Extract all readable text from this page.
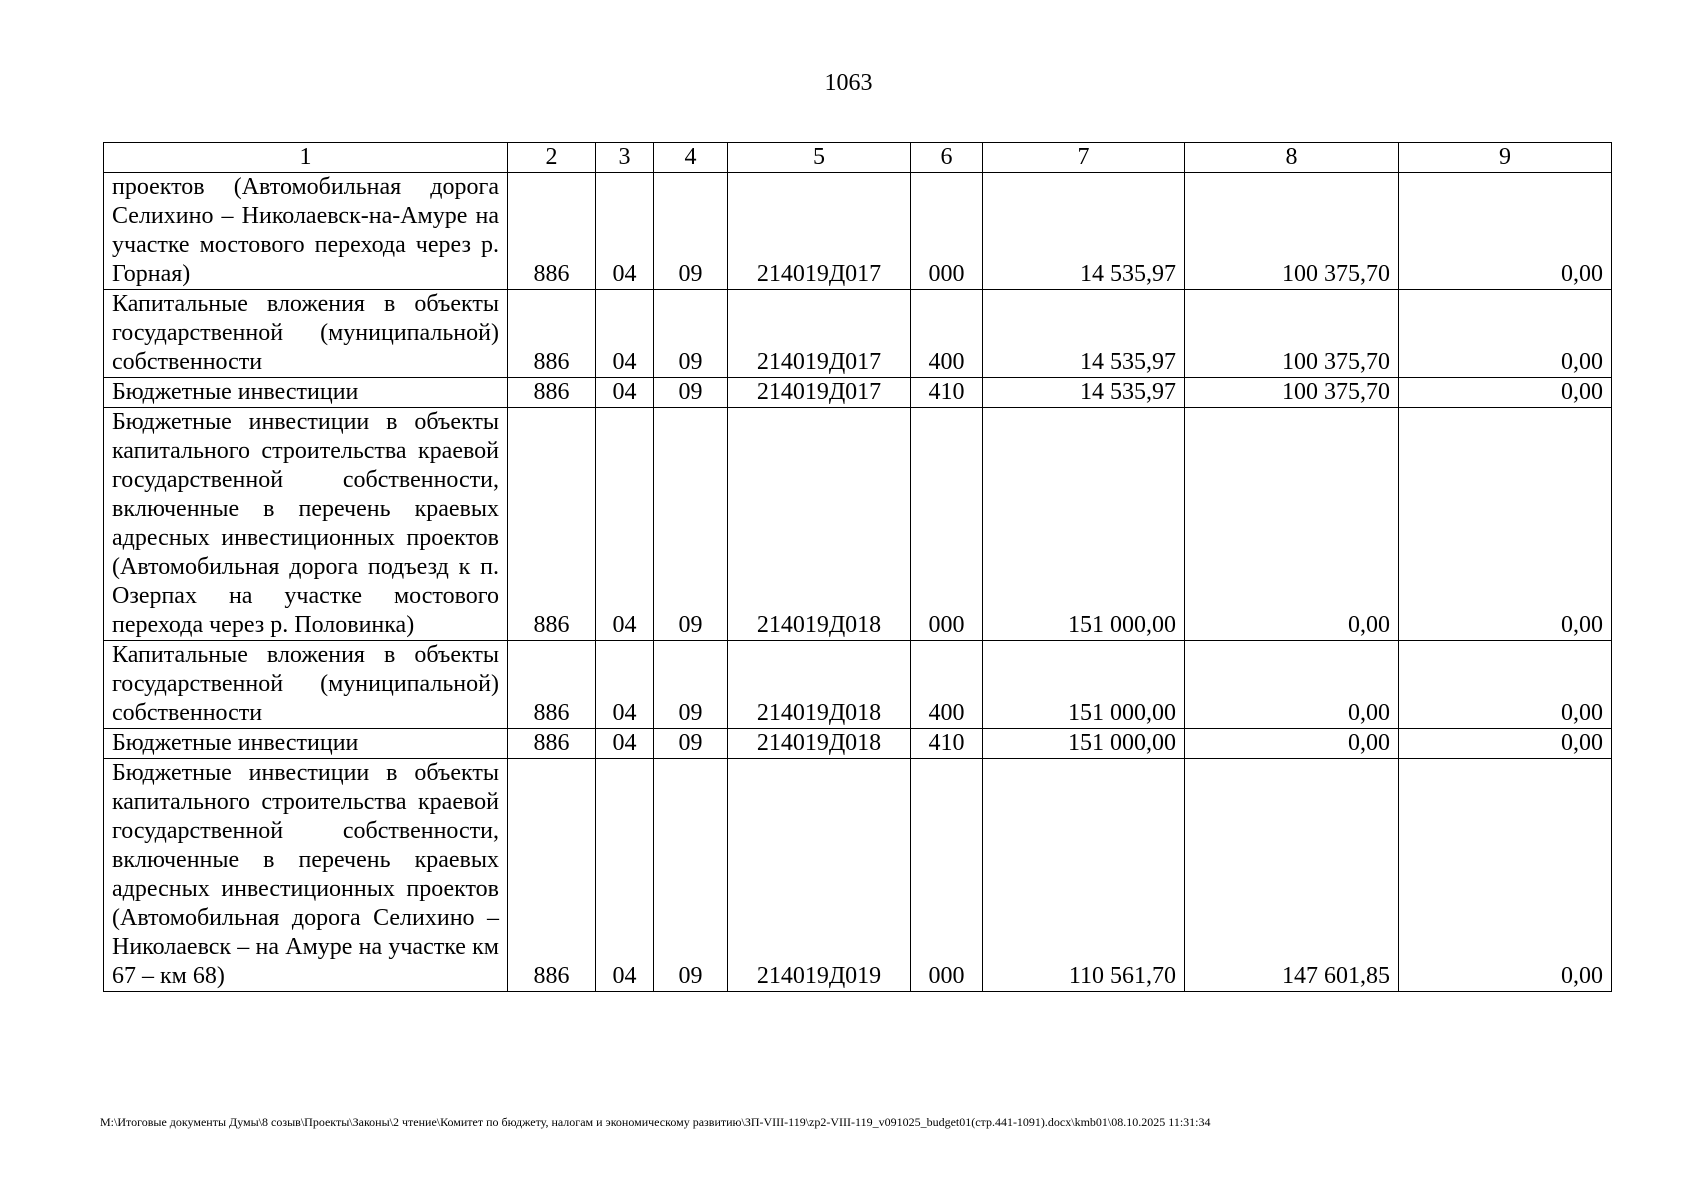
1063
1	2	3	4	5	6	7	8	9
проектов (Автомобильная дорога Селихино – Николаевск-на-Амуре на участке мостового перехода через р. Горная)	886	04	09	214019Д017	000	14 535,97	100 375,70	0,00
Капитальные вложения в объекты государственной (муниципальной) собственности	886	04	09	214019Д017	400	14 535,97	100 375,70	0,00
Бюджетные инвестиции	886	04	09	214019Д017	410	14 535,97	100 375,70	0,00
Бюджетные инвестиции в объекты капитального строительства краевой государственной собственности, включенные в перечень краевых адресных инвестиционных проектов (Автомобильная дорога подъезд к п. Озерпах на участке мостового перехода через р. Половинка)	886	04	09	214019Д018	000	151 000,00	0,00	0,00
Капитальные вложения в объекты государственной (муниципальной) собственности	886	04	09	214019Д018	400	151 000,00	0,00	0,00
Бюджетные инвестиции	886	04	09	214019Д018	410	151 000,00	0,00	0,00
Бюджетные инвестиции в объекты капитального строительства краевой государственной собственности, включенные в перечень краевых адресных инвестиционных проектов (Автомобильная дорога Селихино – Николаевск – на Амуре на участке км 67 – км 68)	886	04	09	214019Д019	000	110 561,70	147 601,85	0,00
M:\Итоговые документы Думы\8 созыв\Проекты\Законы\2 чтение\Комитет по бюджету, налогам и экономическому развитию\ЗП-VIII-119\zp2-VIII-119_v091025_budget01(стр.441-1091).docx\kmb01\08.10.2025 11:31:34
